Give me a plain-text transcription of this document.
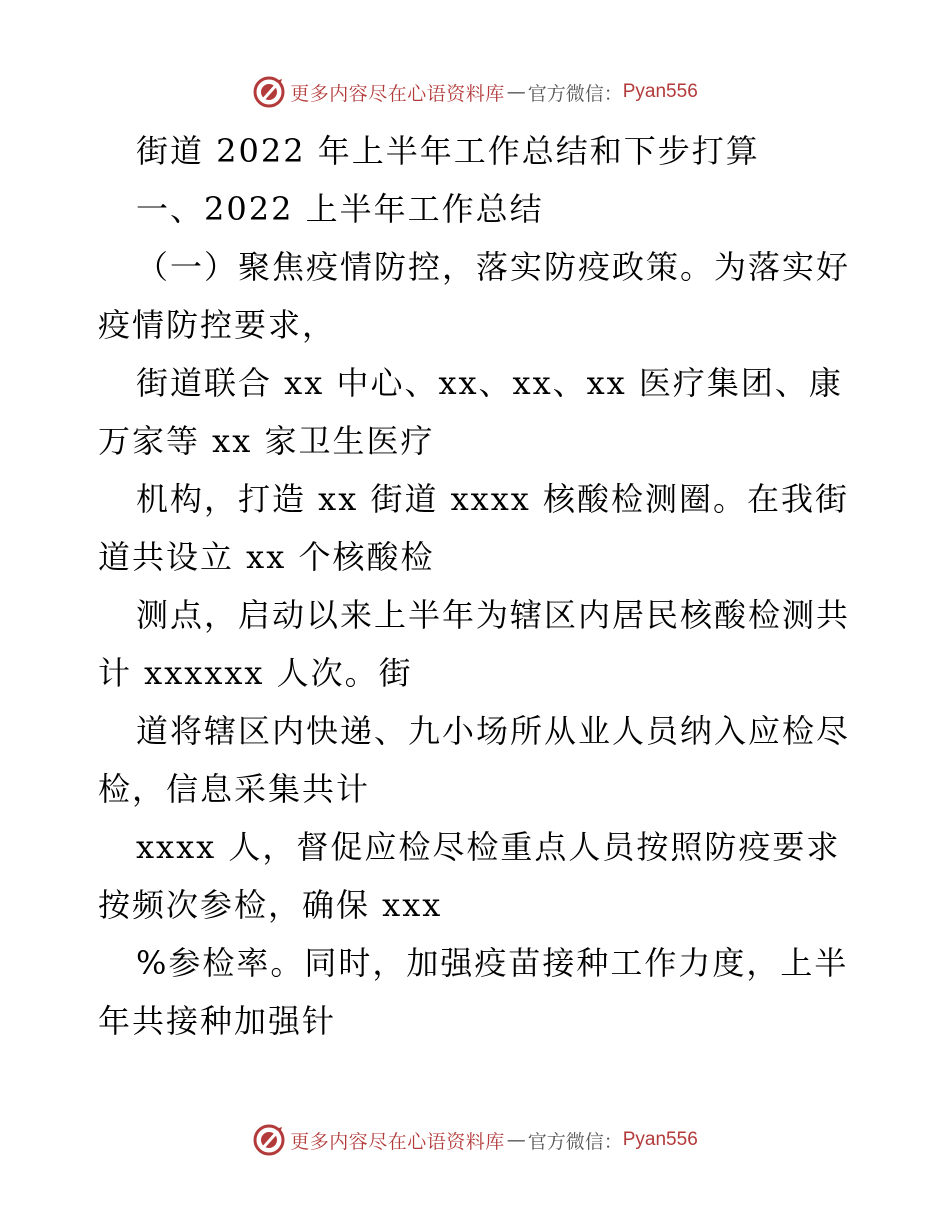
更多内容尽在心语资料库 — 官方微信： Pyan556
街道 2022 年上半年工作总结和下步打算
一、2022 上半年工作总结
（一）聚焦疫情防控，落实防疫政策。为落实好
疫情防控要求，
街道联合 xx 中心、xx、xx、xx 医疗集团、康
万家等 xx 家卫生医疗
机构，打造 xx 街道 xxxx 核酸检测圈。在我街
道共设立 xx 个核酸检
测点，启动以来上半年为辖区内居民核酸检测共
计 xxxxxx 人次。街
道将辖区内快递、九小场所从业人员纳入应检尽
检，信息采集共计
xxxx 人，督促应检尽检重点人员按照防疫要求
按频次参检，确保 xxx
%参检率。同时，加强疫苗接种工作力度，上半
年共接种加强针
更多内容尽在心语资料库 — 官方微信： Pyan556
